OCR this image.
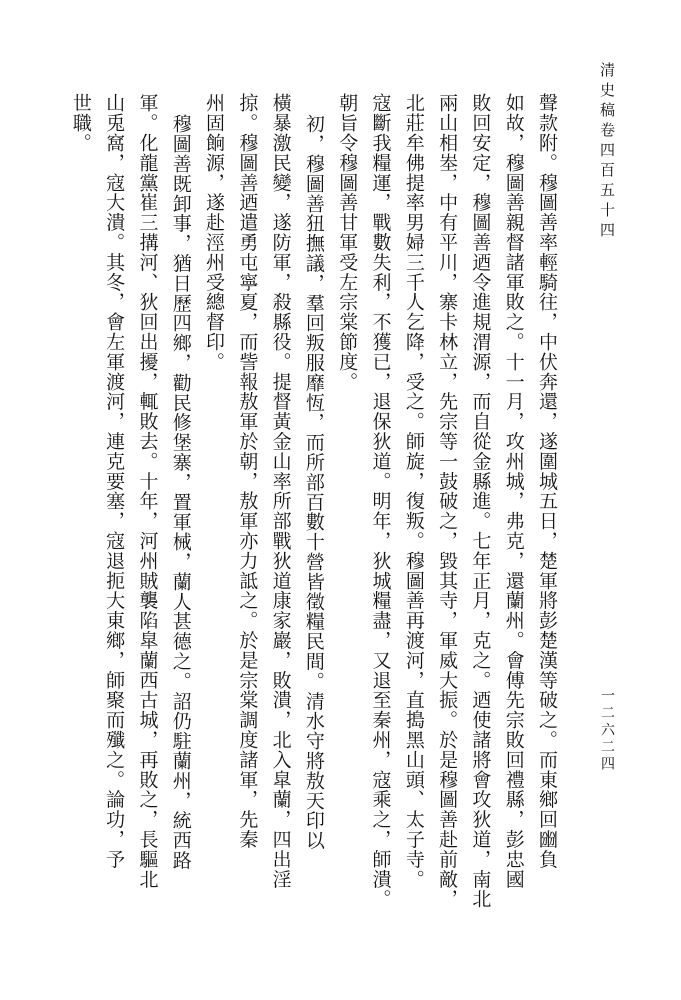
清史稿卷四百五十四
一二六二四
聲款附。穆圖善率輕騎往，中伏奔還，遂圍城五日，楚軍將彭楚漢等破之。而東鄉回㟗負
如故，穆圖善親督諸軍敗之。十一月，攻州城，弗克，還蘭州。會傅先宗敗回禮縣，彭忠國
敗回安定，穆圖善迺令進規渭源，而自從金縣進。七年正月，克之。迺使諸將會攻狄道，南北
兩山相峚，中有平川，寨卡林立，先宗等一鼓破之，毀其寺，軍威大振。於是穆圖善赴前敵，
北莊牟佛提率男婦三千人乞降，受之。師旋，復叛。穆圖善再渡河，直搗黑山頭、太子寺。
寇斷我糧運，戰數失利，不獲已，退保狄道。明年，狄城糧盡，又退至秦州，寇乘之，師潰。
朝旨令穆圖善甘軍受左宗棠節度。
初，穆圖善狃撫議，羣回叛服靡恆，而所部百數十營皆徵糧民間。清水守將敖天印以
橫暴激民變，遂防軍，殺縣役。提督黃金山率所部戰狄道康家巖，敗潰，北入皐蘭，四出淫
掠。穆圖善迺遣勇屯寧夏，而訾報敖軍於朝，敖軍亦力詆之。於是宗棠調度諸軍，先秦
州固餉源，遂赴涇州受總督印。
穆圖善既卸事，猶日歷四鄉，勸民修堡寨，置軍械，蘭人甚德之。詔仍駐蘭州，統西路
軍。化龍黨崔三搆河、狄回出擾，輒敗去。十年，河州賊襲陷皐蘭西古城，再敗之，長驅北
山兎窩，寇大潰。其冬，會左軍渡河，連克要塞，寇退扼大東鄉，師聚而殲之。論功，予
世職。
